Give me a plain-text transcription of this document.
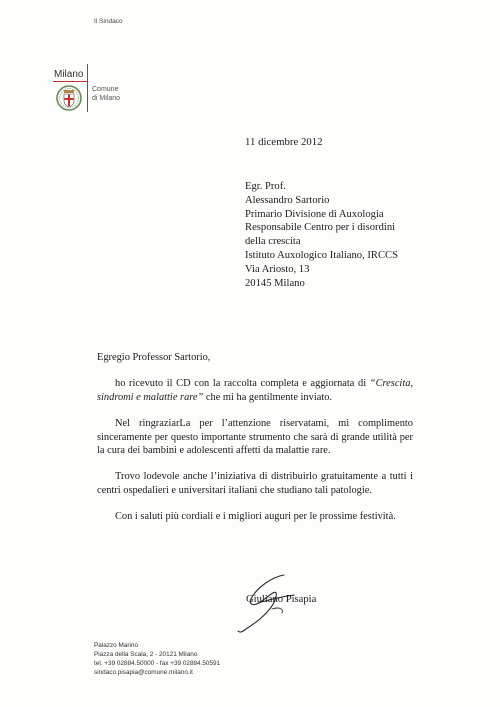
Il Sindaco
Milano
Comune
di Milano
11 dicembre 2012
Egr. Prof.
Alessandro Sartorio
Primario Divisione di Auxologia
Responsabile Centro per i disordini
della crescita
Istituto Auxologico Italiano, IRCCS
Via Ariosto, 13
20145 Milano

Egregio Professor Sartorio,

ho ricevuto il CD con la raccolta completa e aggiornata di “Crescita, sindromi e malattie rare” che mi ha gentilmente inviato.

Nel ringraziarLa per l’attenzione riservatami, mi complimento sinceramente per questo importante strumento che sarà di grande utilità per la cura dei bambini e adolescenti affetti da malattie rare.

Trovo lodevole anche l’iniziativa di distribuirlo gratuitamente a tutti i centri ospedalieri e universitari italiani che studiano tali patologie.

Con i saluti più cordiali e i migliori auguri per le prossime festività.

Giuliano Pisapia
Palazzo Marino
Piazza della Scala, 2 - 20121 Milano
tel. +39 02884.50000 - fax +39 02884.50591
sindaco.pisapia@comune.milano.it
